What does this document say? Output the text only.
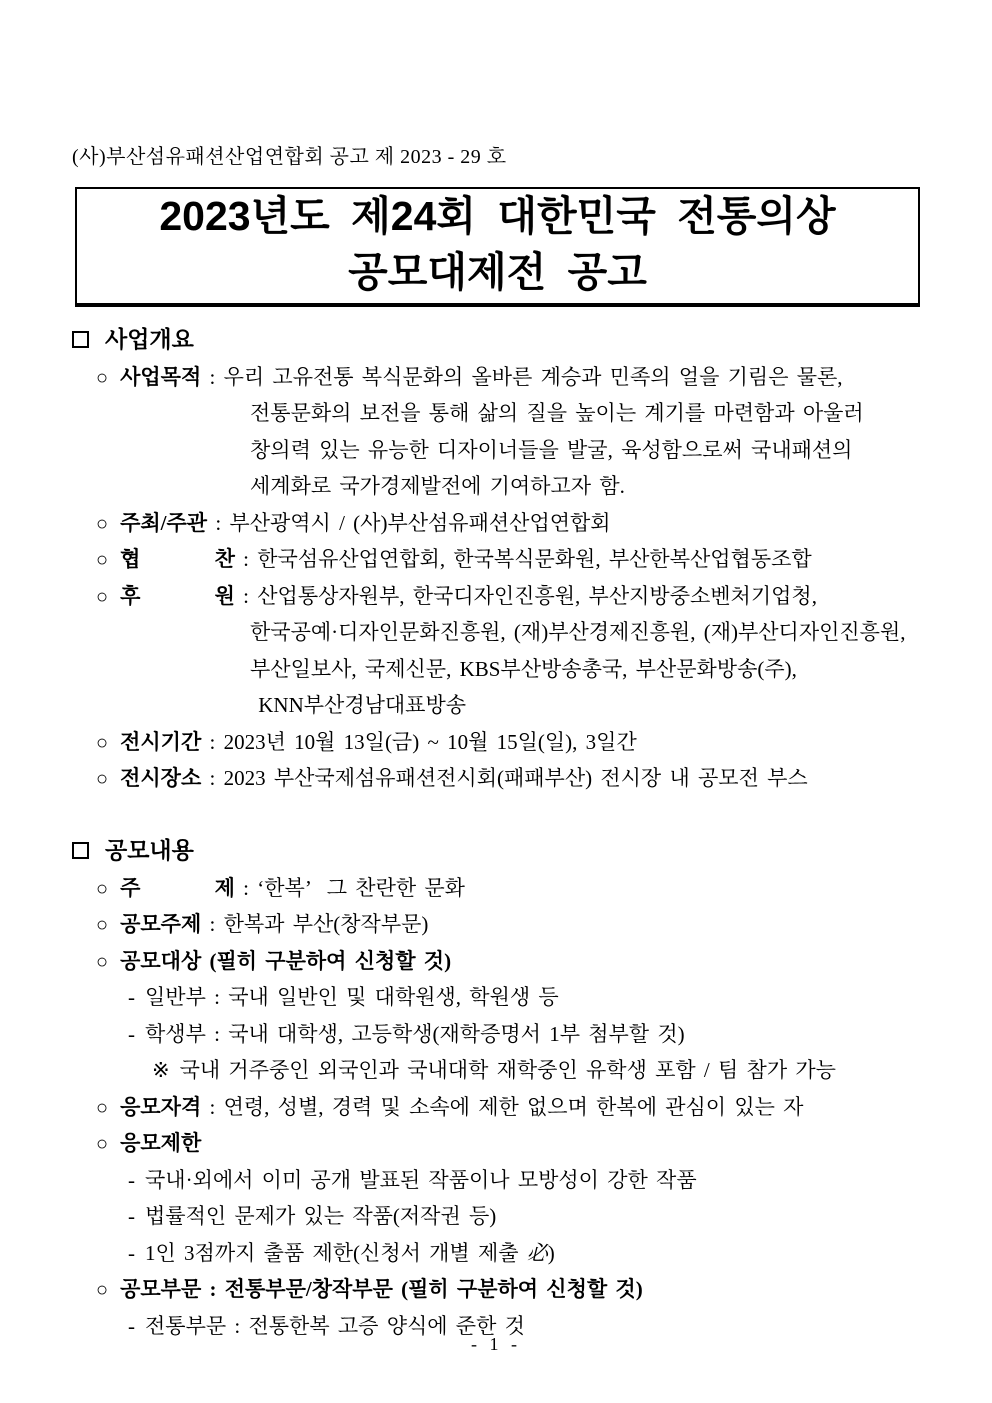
(사)부산섬유패션산업연합회 공고 제 2023 - 29 호
2023년도 제24회 대한민국 전통의상
공모대제전 공고
사업개요
○ 사업목적 : 우리 고유전통 복식문화의 올바른 계승과 민족의 얼을 기림은 물론,
전통문화의 보전을 통해 삶의 질을 높이는 계기를 마련함과 아울러
창의력 있는 유능한 디자이너들을 발굴, 육성함으로써 국내패션의
세계화로 국가경제발전에 기여하고자 함.
○ 주최/주관 : 부산광역시 / (사)부산섬유패션산업연합회
○ 협         찬 : 한국섬유산업연합회, 한국복식문화원, 부산한복산업협동조합
○ 후         원 : 산업통상자원부, 한국디자인진흥원, 부산지방중소벤처기업청,
한국공예·디자인문화진흥원, (재)부산경제진흥원, (재)부산디자인진흥원,
부산일보사, 국제신문, KBS부산방송총국, 부산문화방송(주),
KNN부산경남대표방송
○ 전시기간 : 2023년 10월 13일(금) ~ 10월 15일(일), 3일간
○ 전시장소 : 2023 부산국제섬유패션전시회(패패부산) 전시장 내 공모전 부스
공모내용
○ 주         제 : ‘한복’  그 찬란한 문화
○ 공모주제 : 한복과 부산(창작부문)
○ 공모대상 (필히 구분하여 신청할 것)
- 일반부 : 국내 일반인 및 대학원생, 학원생 등
- 학생부 : 국내 대학생, 고등학생(재학증명서 1부 첨부할 것)
※ 국내 거주중인 외국인과 국내대학 재학중인 유학생 포함 / 팀 참가 가능
○ 응모자격 : 연령, 성별, 경력 및 소속에 제한 없으며 한복에 관심이 있는 자
○ 응모제한
- 국내·외에서 이미 공개 발표된 작품이나 모방성이 강한 작품
- 법률적인 문제가 있는 작품(저작권 등)
- 1인 3점까지 출품 제한(신청서 개별 제출 必)
○ 공모부문 : 전통부문/창작부문 (필히 구분하여 신청할 것)
- 전통부문 : 전통한복 고증 양식에 준한 것
- 1 -
